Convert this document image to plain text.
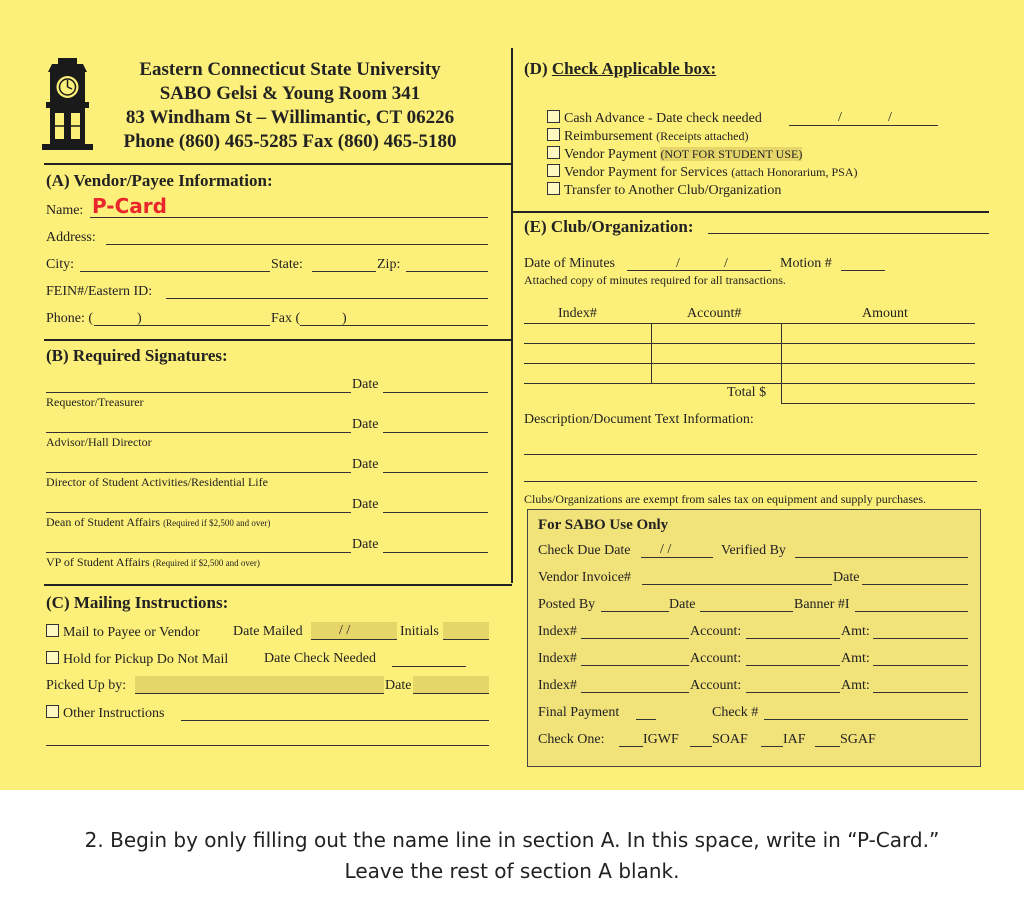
Eastern Connecticut State University
SABO Gelsi & Young Room 341
83 Windham St – Willimantic, CT 06226
Phone (860) 465-5285 Fax (860) 465-5180
(A) Vendor/Payee Information:
Name: P-Card
Address:
City:	State:	Zip:
FEIN#/Eastern ID:
Phone: (	)	Fax (	)
(B) Required Signatures:
Date
Requestor/Treasurer
Date
Advisor/Hall Director
Date
Director of Student Activities/Residential Life
Date
Dean of Student Affairs (Required if $2,500 and over)
Date
VP of Student Affairs (Required if $2,500 and over)
(C) Mailing Instructions:
Mail to Payee or Vendor Date Mailed	/ /	Initials
Hold for Pickup Do Not Mail	Date Check Needed
Picked Up by:	Date
Other Instructions
(D) Check Applicable box:
Cash Advance - Date check needed	/	/
Reimbursement (Receipts attached)
Vendor Payment (NOT FOR STUDENT USE)
Vendor Payment for Services (attach Honorarium, PSA)
Transfer to Another Club/Organization
(E) Club/Organization:
Date of Minutes	/	/	Motion #
Attached copy of minutes required for all transactions.
Index#	Account#	Amount
Total $
Description/Document Text Information:
Clubs/Organizations are exempt from sales tax on equipment and supply purchases.
For SABO Use Only
Check Due Date / /	Verified By
Vendor Invoice#	Date
Posted By	Date	Banner #I
Index#	Account:	Amt:
Index#	Account:	Amt:
Index#	Account:	Amt:
Final Payment	Check #
Check One:	IGWF SOAF	IAF SGAF
2. Begin by only filling out the name line in section A. In this space, write in “P-Card.”
Leave the rest of section A blank.
